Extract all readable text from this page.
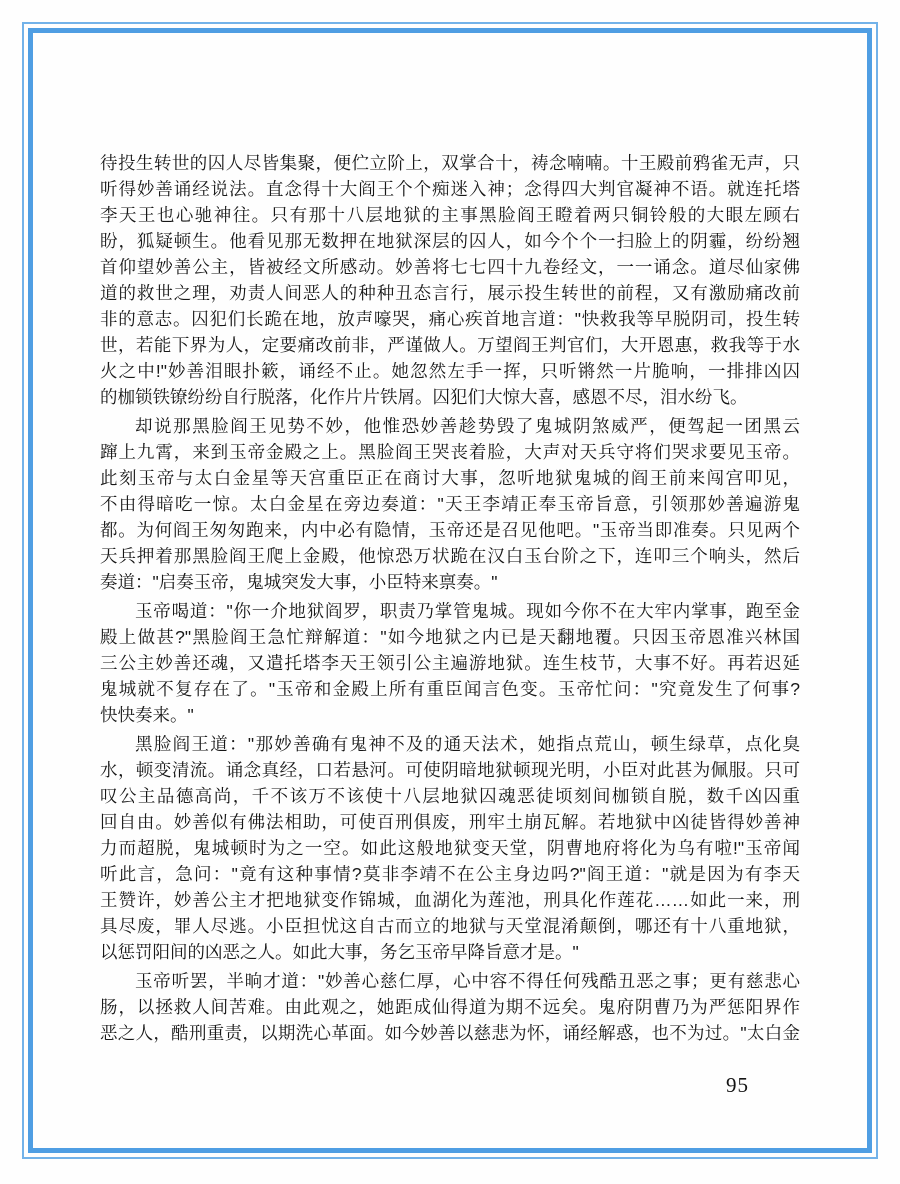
待投生转世的囚人尽皆集聚，便伫立阶上，双掌合十，祷念喃喃。十王殿前鸦雀无声，只
听得妙善诵经说法。直念得十大阎王个个痴迷入神；念得四大判官凝神不语。就连托塔
李天王也心驰神往。只有那十八层地狱的主事黑脸阎王瞪着两只铜铃般的大眼左顾右
盼，狐疑顿生。他看见那无数押在地狱深层的囚人，如今个个一扫脸上的阴霾，纷纷翘
首仰望妙善公主，皆被经文所感动。妙善将七七四十九卷经文，一一诵念。道尽仙家佛
道的救世之理，劝责人间恶人的种种丑态言行，展示投生转世的前程，又有激励痛改前
非的意志。囚犯们长跪在地，放声嚎哭，痛心疾首地言道："快救我等早脱阴司，投生转
世，若能下界为人，定要痛改前非，严谨做人。万望阎王判官们，大开恩惠，救我等于水
火之中!"妙善泪眼扑簌，诵经不止。她忽然左手一挥，只听锵然一片脆响，一排排凶囚
的枷锁铁镣纷纷自行脱落，化作片片铁屑。囚犯们大惊大喜，感恩不尽，泪水纷飞。
却说那黑脸阎王见势不妙，他惟恐妙善趁势毁了鬼城阴煞威严，便驾起一团黑云
蹿上九霄，来到玉帝金殿之上。黑脸阎王哭丧着脸，大声对天兵守将们哭求要见玉帝。
此刻玉帝与太白金星等天宫重臣正在商讨大事，忽听地狱鬼城的阎王前来闯宫叩见，
不由得暗吃一惊。太白金星在旁边奏道："天王李靖正奉玉帝旨意，引领那妙善遍游鬼
都。为何阎王匆匆跑来，内中必有隐情，玉帝还是召见他吧。"玉帝当即准奏。只见两个
天兵押着那黑脸阎王爬上金殿，他惊恐万状跪在汉白玉台阶之下，连叩三个响头，然后
奏道："启奏玉帝，鬼城突发大事，小臣特来禀奏。"
玉帝喝道："你一介地狱阎罗，职责乃掌管鬼城。现如今你不在大牢内掌事，跑至金
殿上做甚?"黑脸阎王急忙辩解道："如今地狱之内已是天翻地覆。只因玉帝恩准兴林国
三公主妙善还魂，又遣托塔李天王领引公主遍游地狱。连生枝节，大事不好。再若迟延
鬼城就不复存在了。"玉帝和金殿上所有重臣闻言色变。玉帝忙问："究竟发生了何事?
快快奏来。"
黑脸阎王道："那妙善确有鬼神不及的通天法术，她指点荒山，顿生绿草，点化臭
水，顿变清流。诵念真经，口若悬河。可使阴暗地狱顿现光明，小臣对此甚为佩服。只可
叹公主品德高尚，千不该万不该使十八层地狱囚魂恶徒顷刻间枷锁自脱，数千凶囚重
回自由。妙善似有佛法相助，可使百刑俱废，刑牢土崩瓦解。若地狱中凶徒皆得妙善神
力而超脱，鬼城顿时为之一空。如此这般地狱变天堂，阴曹地府将化为乌有啦!"玉帝闻
听此言，急问："竟有这种事情?莫非李靖不在公主身边吗?"阎王道："就是因为有李天
王赞许，妙善公主才把地狱变作锦城，血湖化为莲池，刑具化作莲花……如此一来，刑
具尽废，罪人尽逃。小臣担忧这自古而立的地狱与天堂混淆颠倒，哪还有十八重地狱，
以惩罚阳间的凶恶之人。如此大事，务乞玉帝早降旨意才是。"
玉帝听罢，半晌才道："妙善心慈仁厚，心中容不得任何残酷丑恶之事；更有慈悲心
肠，以拯救人间苦难。由此观之，她距成仙得道为期不远矣。鬼府阴曹乃为严惩阳界作
恶之人，酷刑重责，以期洗心革面。如今妙善以慈悲为怀，诵经解惑，也不为过。"太白金
95
